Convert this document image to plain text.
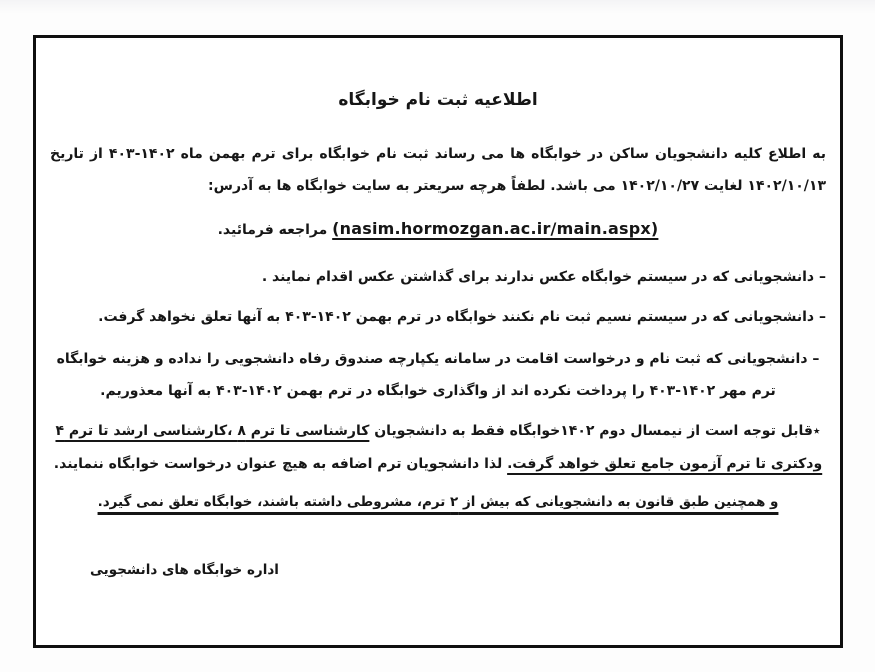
اطلاعیه ثبت نام خوابگاه

به اطلاع کلیه دانشجویان ساکن در خوابگاه ها می رساند ثبت نام خوابگاه برای ترم بهمن ماه ۱۴۰۲-۴۰۳ از تاریخ ۱۴۰۲/۱۰/۱۳ لغایت ۱۴۰۲/۱۰/۲۷ می باشد. لطفاً هرچه سریعتر به سایت خوابگاه ها به آدرس:

(nasim.hormozgan.ac.ir/main.aspx) مراجعه فرمائید.

– دانشجویانی که در سیستم خوابگاه عکس ندارند برای گذاشتن عکس اقدام نمایند .

– دانشجویانی که در سیستم نسیم ثبت نام نکنند خوابگاه در ترم بهمن ۱۴۰۲-۴۰۳ به آنها تعلق نخواهد گرفت.

– دانشجویانی که ثبت نام و درخواست اقامت در سامانه یکپارچه صندوق رفاه دانشجویی را نداده و هزینه خوابگاه ترم مهر ۱۴۰۲-۴۰۳ را پرداخت نکرده اند از واگذاری خوابگاه در ترم بهمن ۱۴۰۲-۴۰۳ به آنها معذوریم.

٭قابل توجه است از نیمسال دوم ۱۴۰۲خوابگاه فقط به دانشجویان کارشناسی تا ترم ۸ ،کارشناسی ارشد تا ترم ۴ ودکتری تا ترم آزمون جامع تعلق خواهد گرفت. لذا دانشجویان ترم اضافه به هیچ عنوان درخواست خوابگاه ننمایند.

و همچنین طبق قانون به دانشجویانی که بیش از ۲ ترم، مشروطی داشته باشند، خوابگاه تعلق نمی گیرد.

اداره خوابگاه های دانشجویی
